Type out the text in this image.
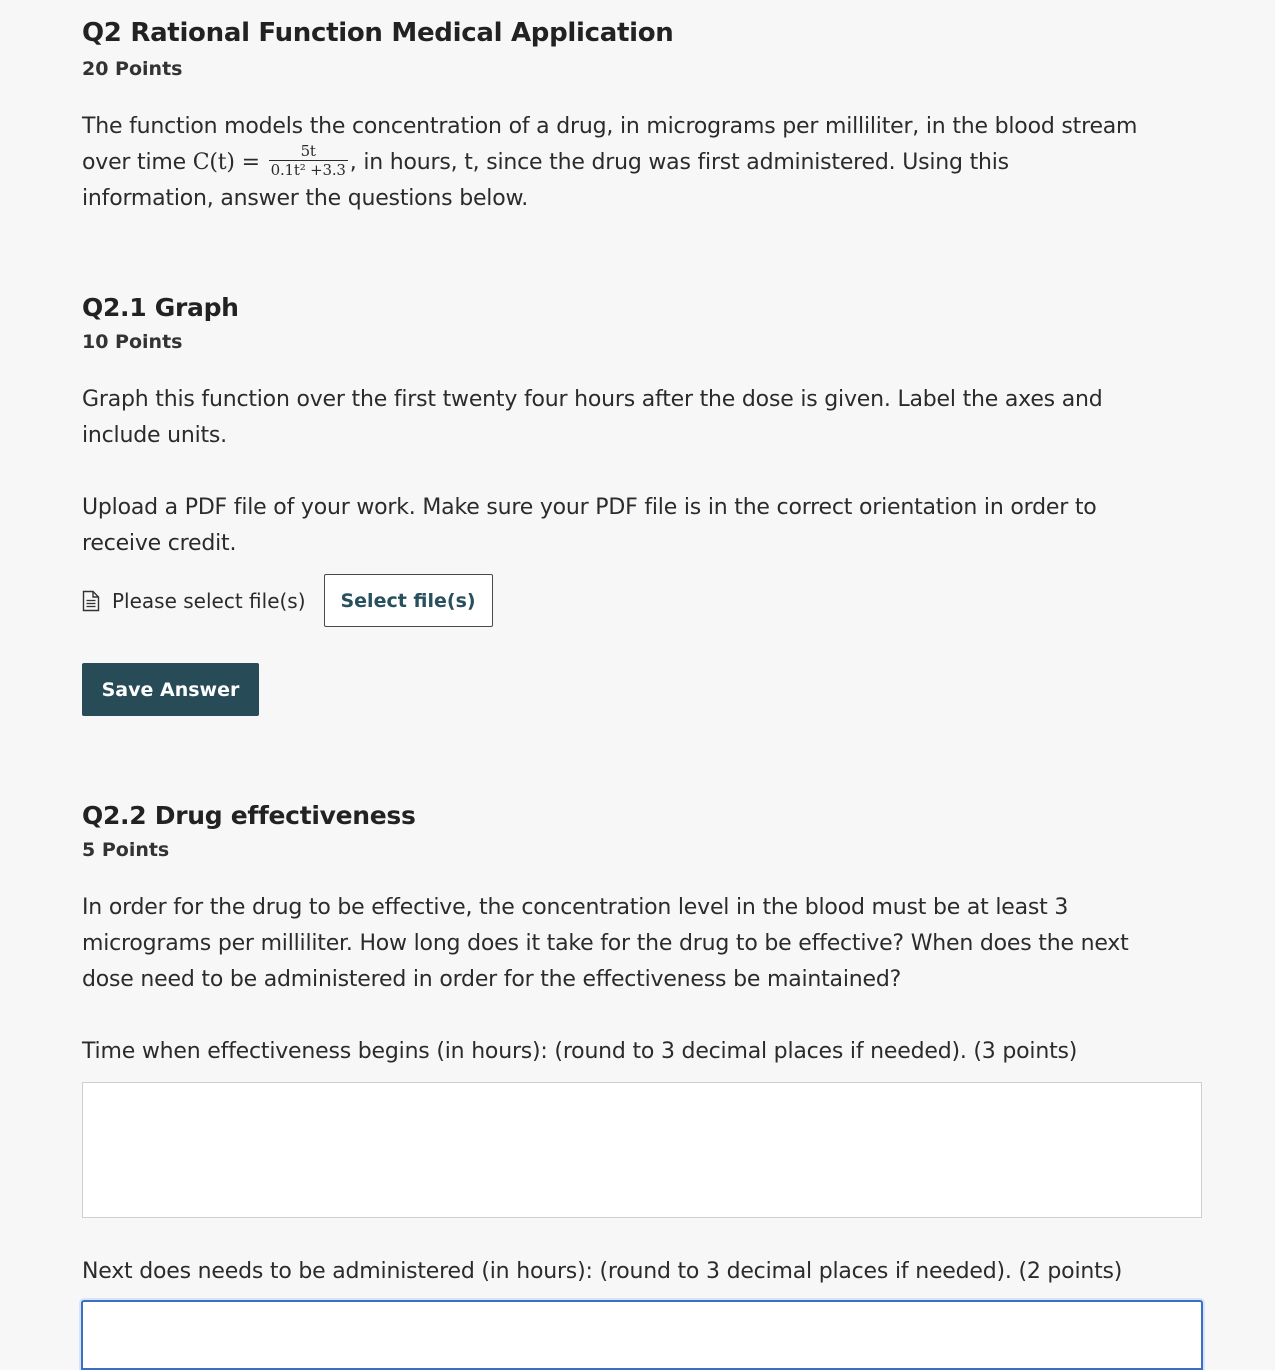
Q2 Rational Function Medical Application
20 Points
The function models the concentration of a drug, in micrograms per milliliter, in the blood stream
over time $C(t) = \frac{5t}{\text{0.1t² +3.3}}$ , in hours, t, since the drug was first administered. Using this
information, answer the questions below.
Q2.1 Graph
10 Points
Graph this function over the first twenty four hours after the dose is given. Label the axes and
include units.
Upload a PDF file of your work. Make sure your PDF file is in the correct orientation in order to
receive credit.
Please select file(s)	Select file(s)
Save Answer
Q2.2 Drug effectiveness
5 Points
In order for the drug to be effective, the concentration level in the blood must be at least 3
micrograms per milliliter. How long does it take for the drug to be effective? When does the next
dose need to be administered in order for the effectiveness be maintained?
Time when effectiveness begins (in hours): (round to 3 decimal places if needed). (3 points)
Next does needs to be administered (in hours): (round to 3 decimal places if needed). (2 points)
